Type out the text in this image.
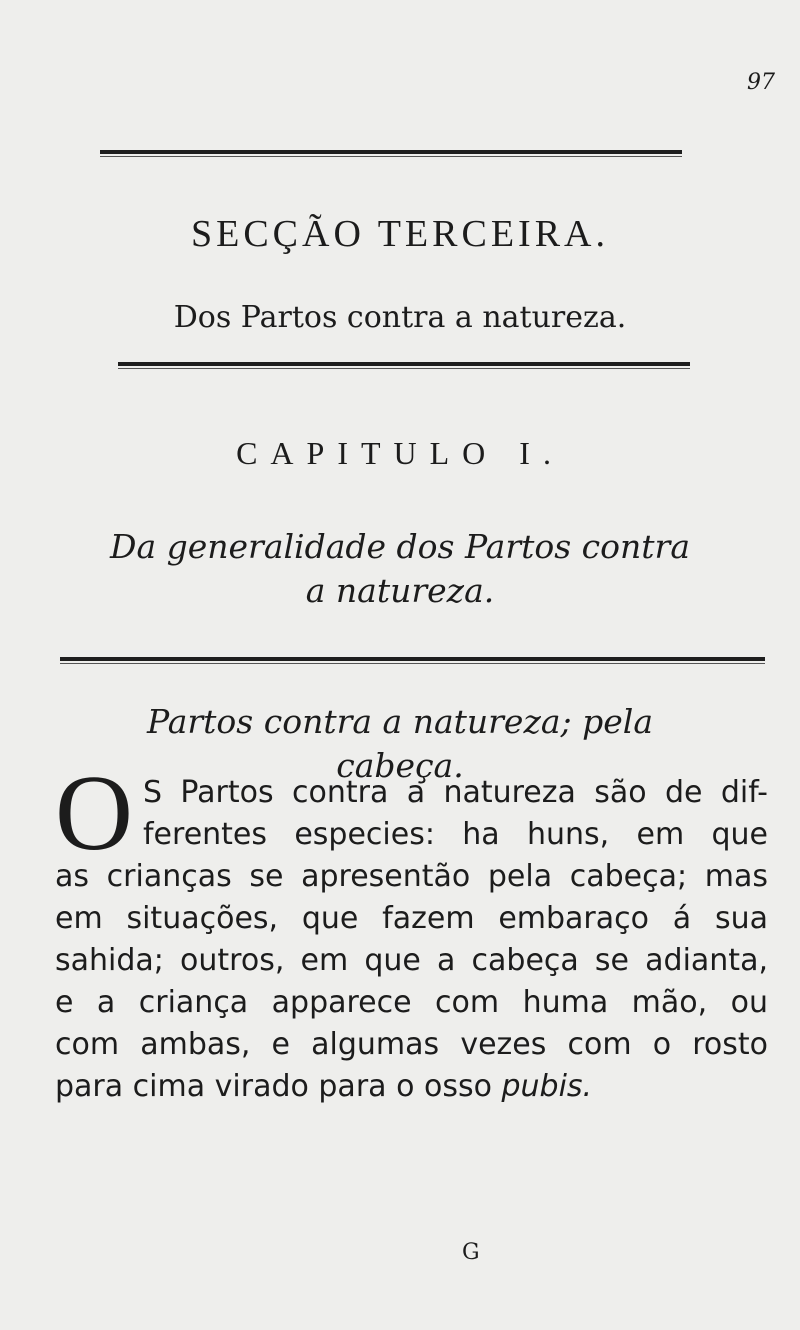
97
SECÇÃO TERCEIRA.
Dos Partos contra a natureza.
CAPITULO I.
Da generalidade dos Partos contra
a natureza.
Partos contra a natureza; pela
cabeça.
O S Partos contra a natureza são de dif-
ferentes especies: ha huns, em que
as crianças se apresentão pela cabeça; mas
em situações, que fazem embaraço á sua
sahida; outros, em que a cabeça se adianta,
e a criança apparece com huma mão, ou
com ambas, e algumas vezes com o rosto
para cima virado para o osso pubis.
G
